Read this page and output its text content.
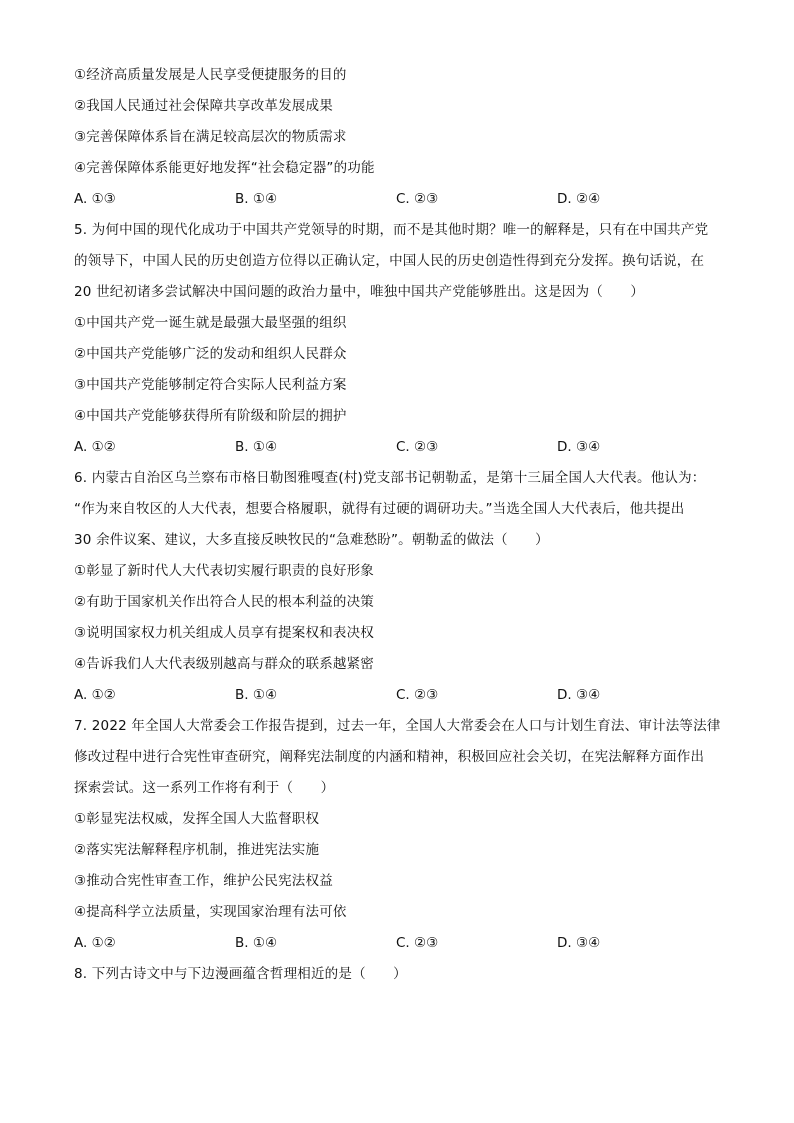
①经济高质量发展是人民享受便捷服务的目的
②我国人民通过社会保障共享改革发展成果
③完善保障体系旨在满足较高层次的物质需求
④完善保障体系能更好地发挥“社会稳定器”的功能
A. ①③	B. ①④	C. ②③	D. ②④
5. 为何中国的现代化成功于中国共产党领导的时期，而不是其他时期？唯一的解释是，只有在中国共产党
的领导下，中国人民的历史创造方位得以正确认定，中国人民的历史创造性得到充分发挥。换句话说，在
20 世纪初诸多尝试解决中国问题的政治力量中，唯独中国共产党能够胜出。这是因为（　　）
①中国共产党一诞生就是最强大最坚强的组织
②中国共产党能够广泛的发动和组织人民群众
③中国共产党能够制定符合实际人民利益方案
④中国共产党能够获得所有阶级和阶层的拥护
A. ①②	B. ①④	C. ②③	D. ③④
6. 内蒙古自治区乌兰察布市格日勒图雅嘎查(村)党支部书记朝勒孟，是第十三届全国人大代表。他认为：
“作为来自牧区的人大代表，想要合格履职，就得有过硬的调研功夫。”当选全国人大代表后，他共提出
30 余件议案、建议，大多直接反映牧民的“急难愁盼”。朝勒孟的做法（　　）
①彰显了新时代人大代表切实履行职责的良好形象
②有助于国家机关作出符合人民的根本利益的决策
③说明国家权力机关组成人员享有提案权和表决权
④告诉我们人大代表级别越高与群众的联系越紧密
A. ①②	B. ①④	C. ②③	D. ③④
7. 2022 年全国人大常委会工作报告提到，过去一年，全国人大常委会在人口与计划生育法、审计法等法律
修改过程中进行合宪性审查研究，阐释宪法制度的内涵和精神，积极回应社会关切，在宪法解释方面作出
探索尝试。这一系列工作将有利于（　　）
①彰显宪法权威，发挥全国人大监督职权
②落实宪法解释程序机制，推进宪法实施
③推动合宪性审查工作，维护公民宪法权益
④提高科学立法质量，实现国家治理有法可依
A. ①②	B. ①④	C. ②③	D. ③④
8. 下列古诗文中与下边漫画蕴含哲理相近的是（　　）
